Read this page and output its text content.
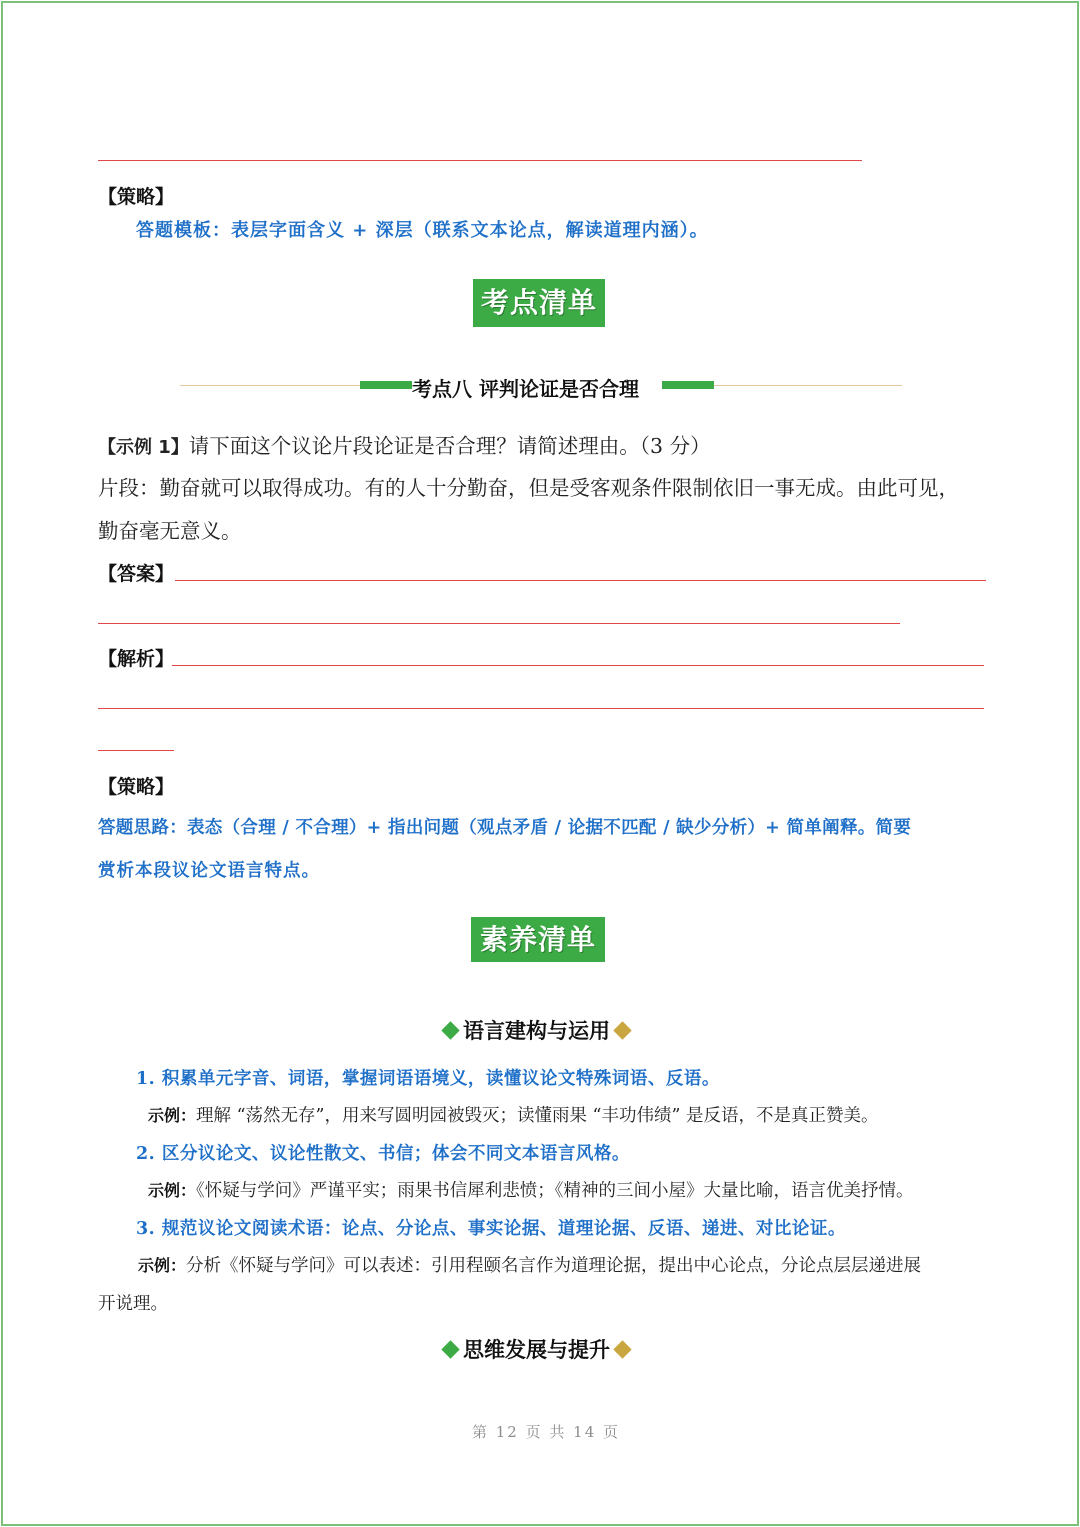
【策略】
答题模板：表层字面含义 + 深层（联系文本论点，解读道理内涵）。
考点清单
考点八 评判论证是否合理
【示例 1】请下面这个议论片段论证是否合理？请简述理由。（3 分）
片段：勤奋就可以取得成功。有的人十分勤奋，但是受客观条件限制依旧一事无成。由此可见，
勤奋毫无意义。
【答案】
【解析】
【策略】
答题思路：表态（合理 / 不合理）+ 指出问题（观点矛盾 / 论据不匹配 / 缺少分析）+ 简单阐释。简要
赏析本段议论文语言特点。
素养清单
语言建构与运用
1. 积累单元字音、词语，掌握词语语境义，读懂议论文特殊词语、反语。
示例：理解 “荡然无存”，用来写圆明园被毁灭；读懂雨果 “丰功伟绩” 是反语，不是真正赞美。
2. 区分议论文、议论性散文、书信；体会不同文本语言风格。
示例：《怀疑与学问》严谨平实；雨果书信犀利悲愤；《精神的三间小屋》大量比喻，语言优美抒情。
3. 规范议论文阅读术语：论点、分论点、事实论据、道理论据、反语、递进、对比论证。
示例：分析《怀疑与学问》可以表述：引用程颐名言作为道理论据，提出中心论点，分论点层层递进展
开说理。
思维发展与提升
第 12 页 共 14 页
